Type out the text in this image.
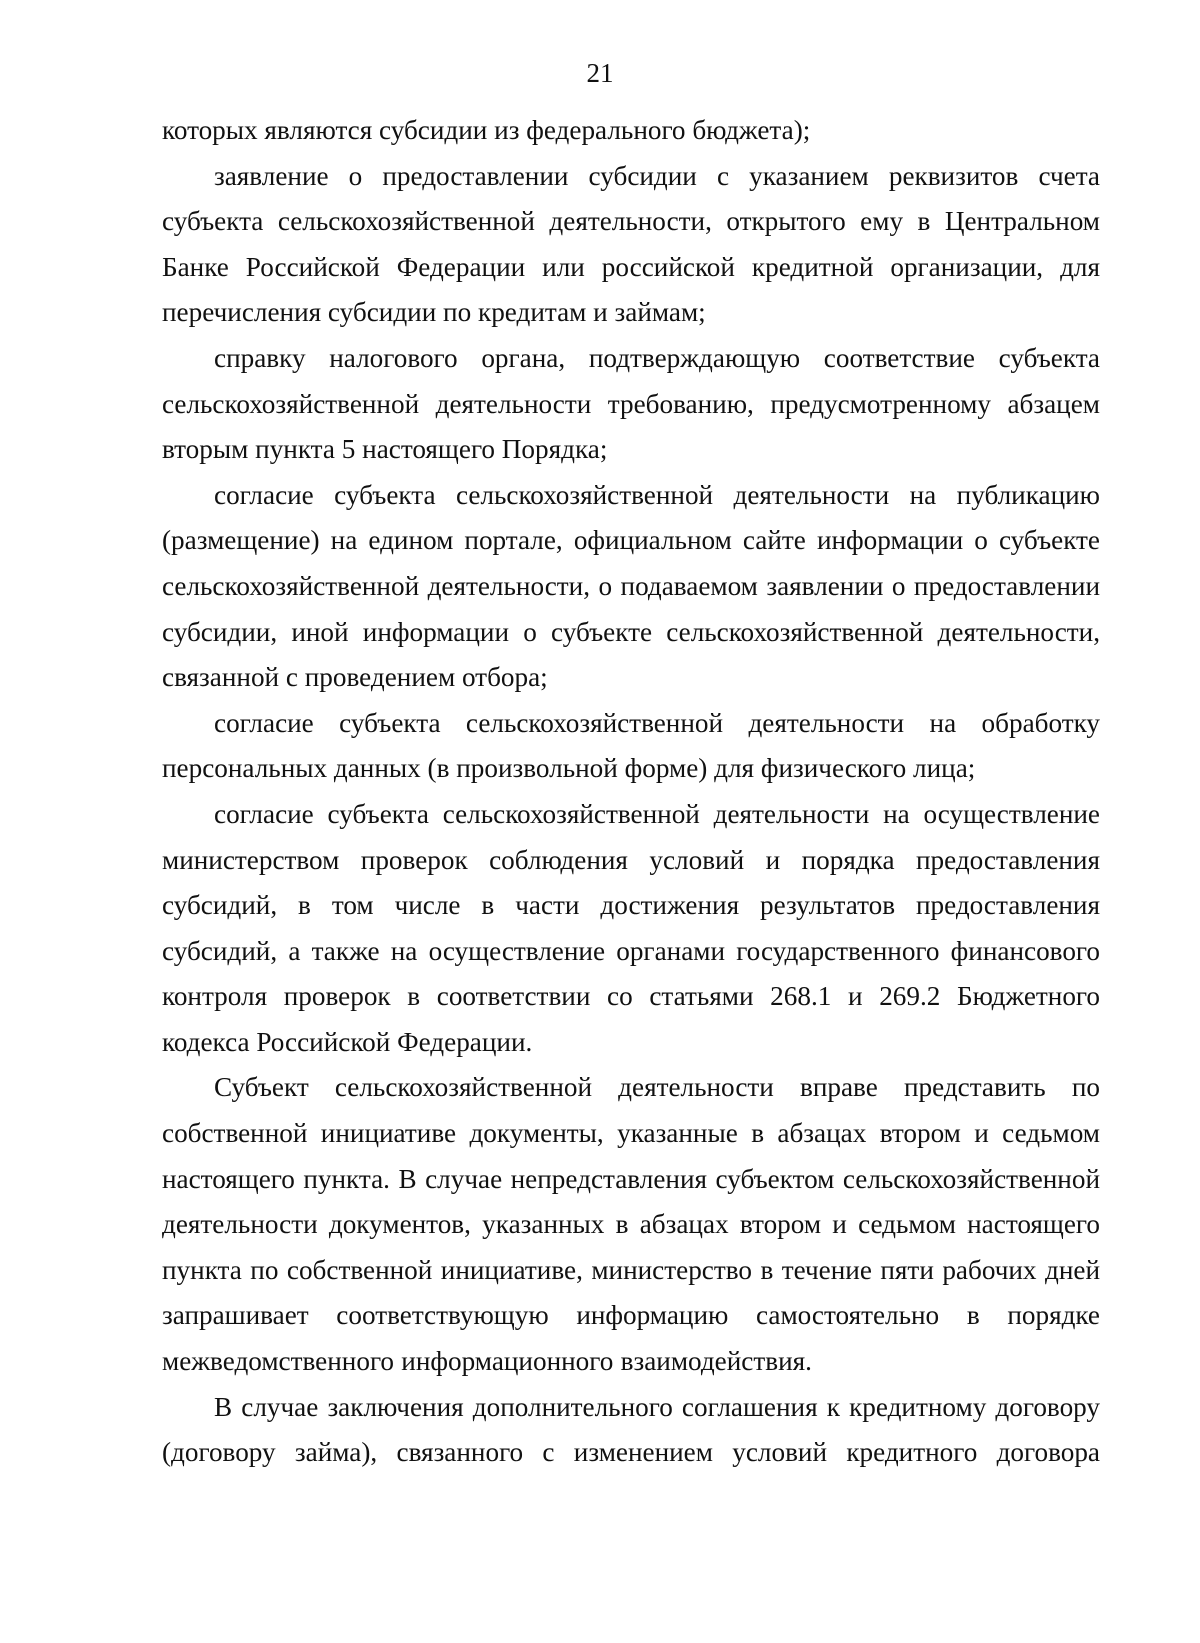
21

которых являются субсидии из федерального бюджета);

заявление о предоставлении субсидии с указанием реквизитов счета субъекта сельскохозяйственной деятельности, открытого ему в Центральном Банке Российской Федерации или российской кредитной организации, для перечисления субсидии по кредитам и займам;

справку налогового органа, подтверждающую соответствие субъекта сельскохозяйственной деятельности требованию, предусмотренному абзацем вторым пункта 5 настоящего Порядка;

согласие субъекта сельскохозяйственной деятельности на публикацию (размещение) на едином портале, официальном сайте информации о субъекте сельскохозяйственной деятельности, о подаваемом заявлении о предоставлении субсидии, иной информации о субъекте сельскохозяйственной деятельности, связанной с проведением отбора;

согласие субъекта сельскохозяйственной деятельности на обработку персональных данных (в произвольной форме) для физического лица;

согласие субъекта сельскохозяйственной деятельности на осуществление министерством проверок соблюдения условий и порядка предоставления субсидий, в том числе в части достижения результатов предоставления субсидий, а также на осуществление органами государственного финансового контроля проверок в соответствии со статьями 268.1 и 269.2 Бюджетного кодекса Российской Федерации.

Субъект сельскохозяйственной деятельности вправе представить по собственной инициативе документы, указанные в абзацах втором и седьмом настоящего пункта. В случае непредставления субъектом сельскохозяйственной деятельности документов, указанных в абзацах втором и седьмом настоящего пункта по собственной инициативе, министерство в течение пяти рабочих дней запрашивает соответствующую информацию самостоятельно в порядке межведомственного информационного взаимодействия.

В случае заключения дополнительного соглашения к кредитному договору (договору займа), связанного с изменением условий кредитного договора
